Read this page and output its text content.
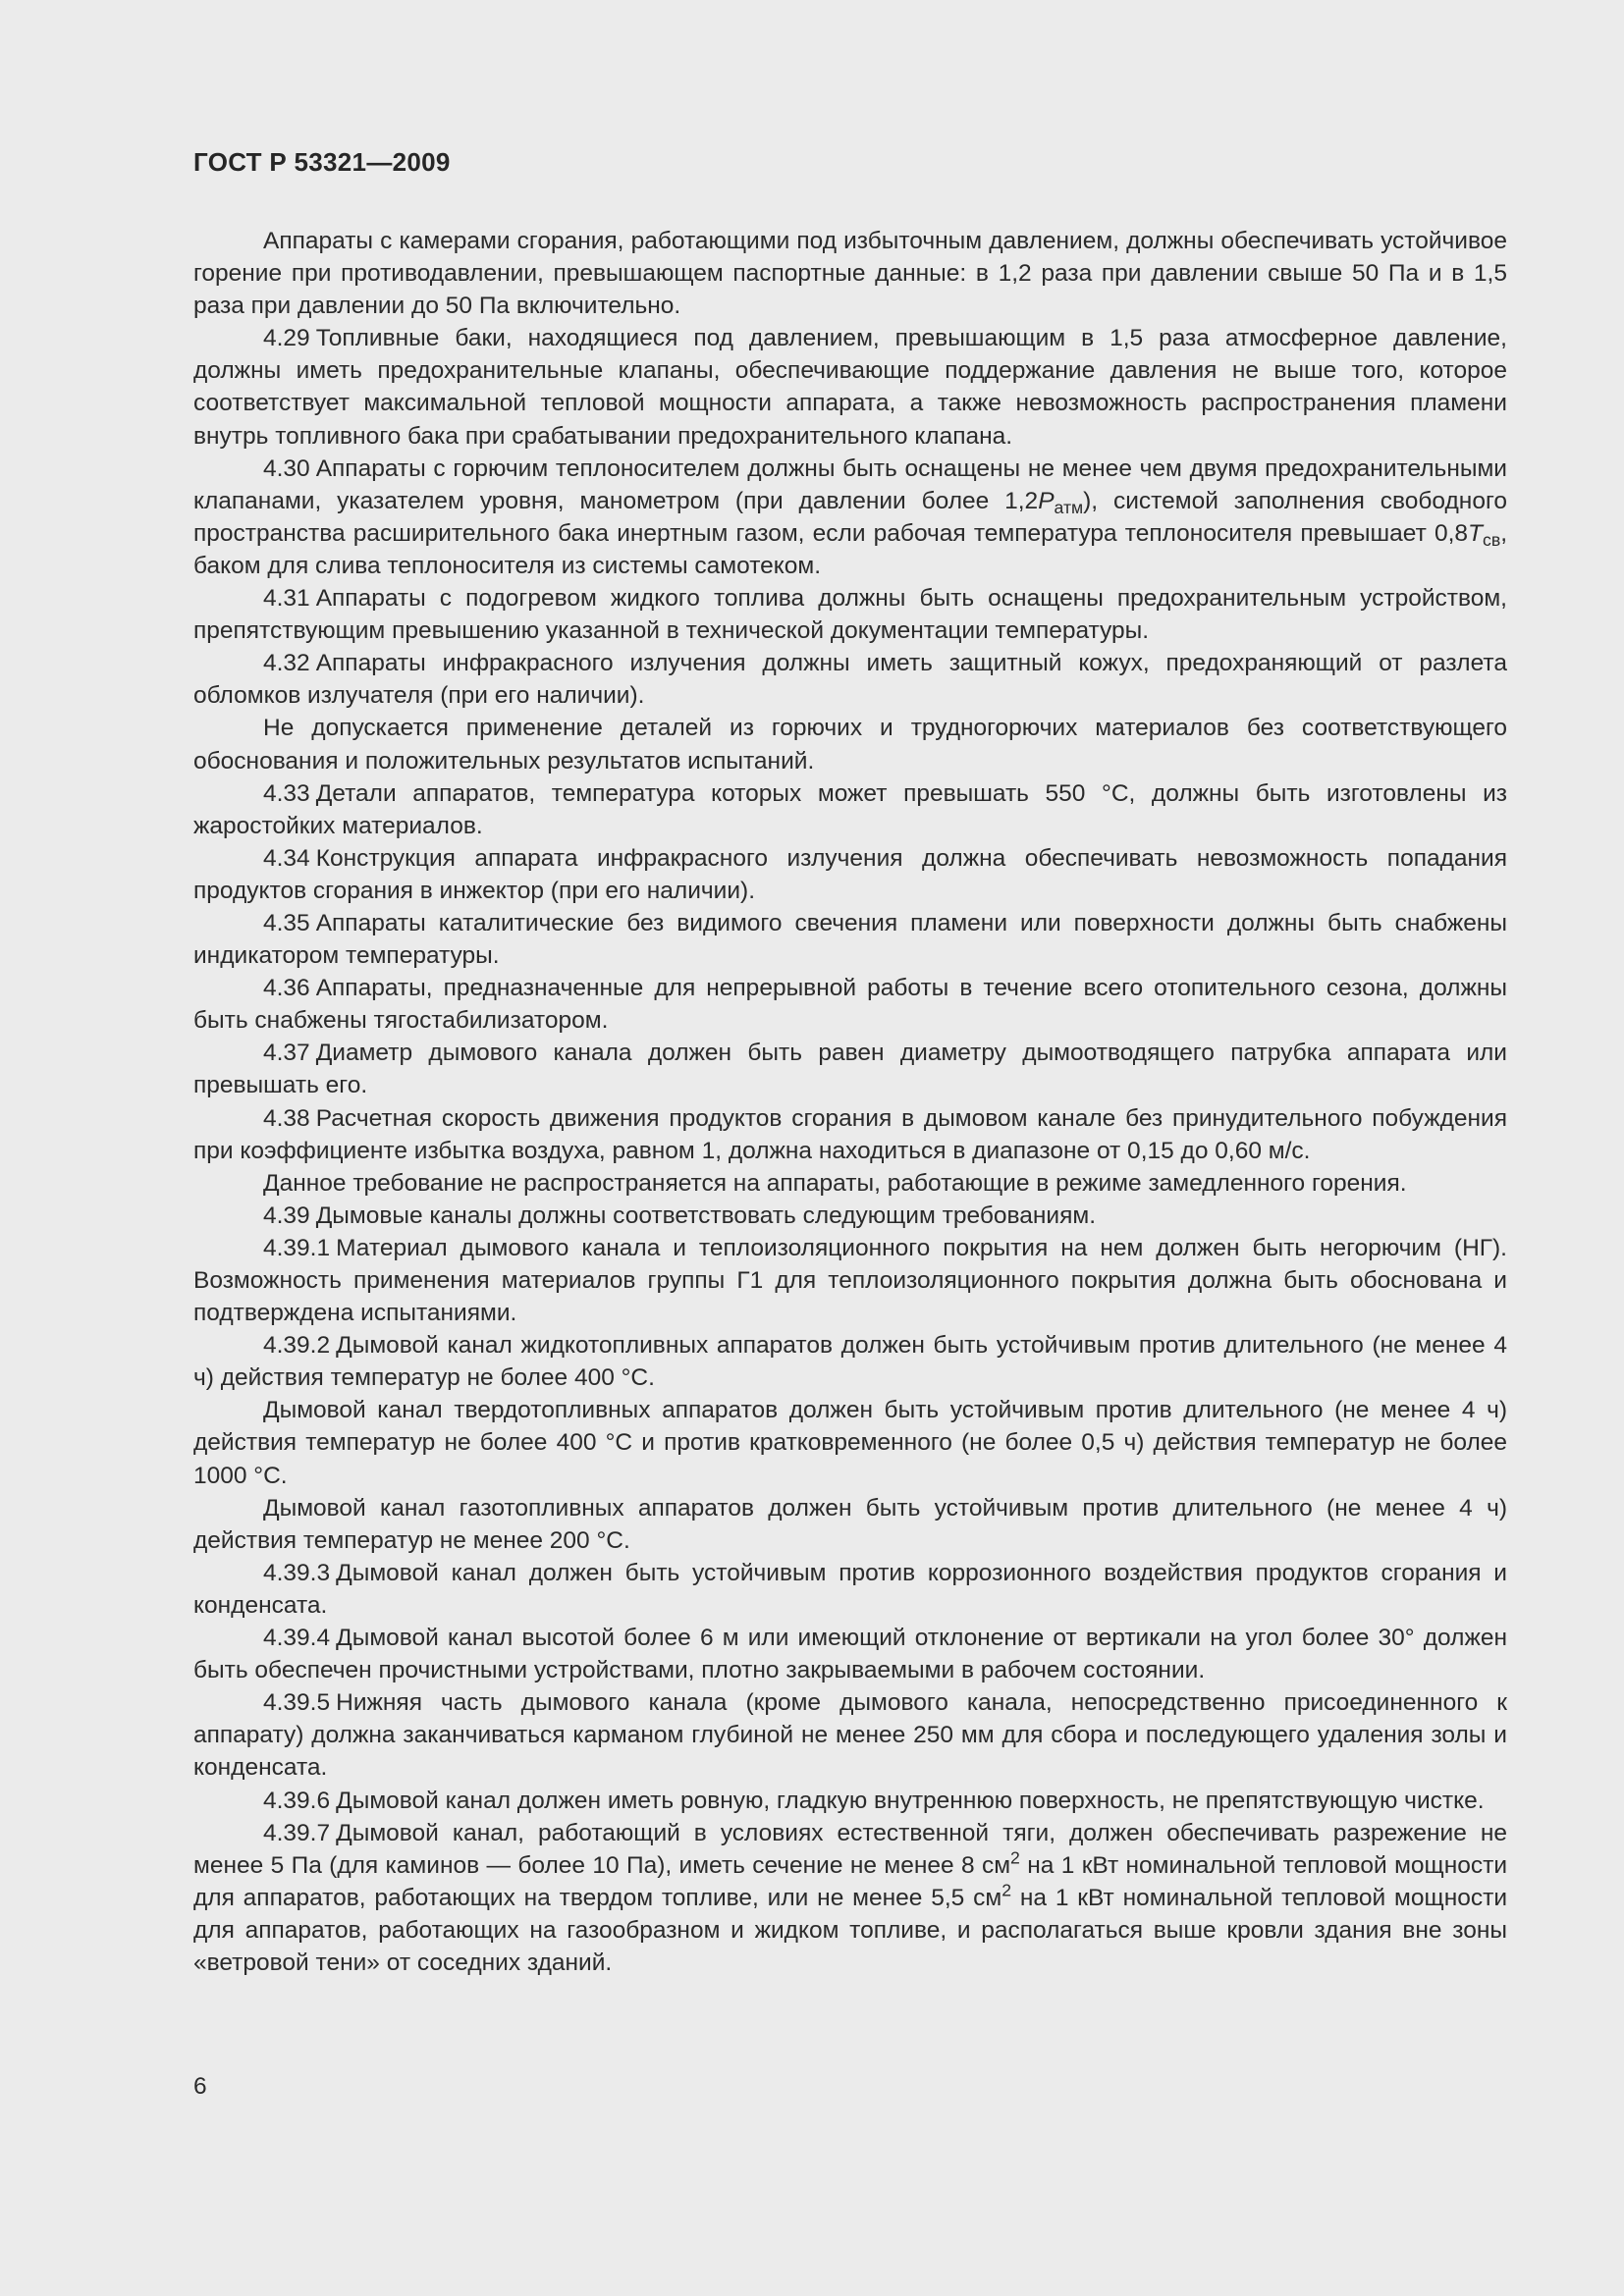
ГОСТ Р 53321—2009

Аппараты с камерами сгорания, работающими под избыточным давлением, должны обеспечивать устойчивое горение при противодавлении, превышающем паспортные данные: в 1,2 раза при давлении свыше 50 Па и в 1,5 раза при давлении до 50 Па включительно.

4.29 Топливные баки, находящиеся под давлением, превышающим в 1,5 раза атмосферное давление, должны иметь предохранительные клапаны, обеспечивающие поддержание давления не выше того, которое соответствует максимальной тепловой мощности аппарата, а также невозможность распространения пламени внутрь топливного бака при срабатывании предохранительного клапана.

4.30 Аппараты с горючим теплоносителем должны быть оснащены не менее чем двумя предохранительными клапанами, указателем уровня, манометром (при давлении более $1,2P_{атм}$), системой заполнения свободного пространства расширительного бака инертным газом, если рабочая температура теплоносителя превышает $0,8T_{св}$, баком для слива теплоносителя из системы самотеком.

4.31 Аппараты с подогревом жидкого топлива должны быть оснащены предохранительным устройством, препятствующим превышению указанной в технической документации температуры.

4.32 Аппараты инфракрасного излучения должны иметь защитный кожух, предохраняющий от разлета обломков излучателя (при его наличии).

Не допускается применение деталей из горючих и трудногорючих материалов без соответствующего обоснования и положительных результатов испытаний.

4.33 Детали аппаратов, температура которых может превышать 550 °С, должны быть изготовлены из жаростойких материалов.

4.34 Конструкция аппарата инфракрасного излучения должна обеспечивать невозможность попадания продуктов сгорания в инжектор (при его наличии).

4.35 Аппараты каталитические без видимого свечения пламени или поверхности должны быть снабжены индикатором температуры.

4.36 Аппараты, предназначенные для непрерывной работы в течение всего отопительного сезона, должны быть снабжены тягостабилизатором.

4.37 Диаметр дымового канала должен быть равен диаметру дымоотводящего патрубка аппарата или превышать его.

4.38 Расчетная скорость движения продуктов сгорания в дымовом канале без принудительного побуждения при коэффициенте избытка воздуха, равном 1, должна находиться в диапазоне от 0,15 до 0,60 м/с.

Данное требование не распространяется на аппараты, работающие в режиме замедленного горения.

4.39 Дымовые каналы должны соответствовать следующим требованиям.

4.39.1 Материал дымового канала и теплоизоляционного покрытия на нем должен быть негорючим (НГ). Возможность применения материалов группы Г1 для теплоизоляционного покрытия должна быть обоснована и подтверждена испытаниями.

4.39.2 Дымовой канал жидкотопливных аппаратов должен быть устойчивым против длительного (не менее 4 ч) действия температур не более 400 °С.

Дымовой канал твердотопливных аппаратов должен быть устойчивым против длительного (не менее 4 ч) действия температур не более 400 °С и против кратковременного (не более 0,5 ч) действия температур не более 1000 °С.

Дымовой канал газотопливных аппаратов должен быть устойчивым против длительного (не менее 4 ч) действия температур не менее 200 °С.

4.39.3 Дымовой канал должен быть устойчивым против коррозионного воздействия продуктов сгорания и конденсата.

4.39.4 Дымовой канал высотой более 6 м или имеющий отклонение от вертикали на угол более 30° должен быть обеспечен прочистными устройствами, плотно закрываемыми в рабочем состоянии.

4.39.5 Нижняя часть дымового канала (кроме дымового канала, непосредственно присоединенного к аппарату) должна заканчиваться карманом глубиной не менее 250 мм для сбора и последующего удаления золы и конденсата.

4.39.6 Дымовой канал должен иметь ровную, гладкую внутреннюю поверхность, не препятствующую чистке.

4.39.7 Дымовой канал, работающий в условиях естественной тяги, должен обеспечивать разрежение не менее 5 Па (для каминов — более 10 Па), иметь сечение не менее 8 $см^2$ на 1 кВт номинальной тепловой мощности для аппаратов, работающих на твердом топливе, или не менее 5,5 $см^2$ на 1 кВт номинальной тепловой мощности для аппаратов, работающих на газообразном и жидком топливе, и располагаться выше кровли здания вне зоны «ветровой тени» от соседних зданий.

6
